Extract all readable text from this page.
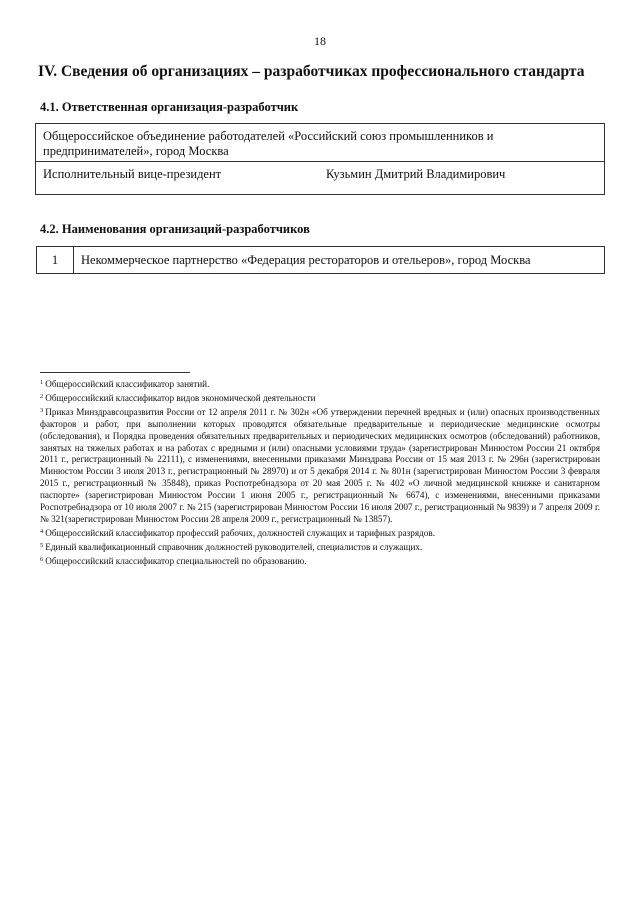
18
IV. Сведения об организациях – разработчиках профессионального стандарта
4.1. Ответственная организация-разработчик
Общероссийское объединение работодателей «Российский союз промышленников и предпринимателей», город Москва
Исполнительный вице-президент	Кузьмин Дмитрий Владимирович
4.2. Наименования организаций-разработчиков
1	Некоммерческое партнерство «Федерация рестораторов и отельеров», город Москва

$^1$ Общероссийский классификатор занятий.

$^2$ Общероссийский классификатор видов экономической деятельности

$^3$ Приказ Минздравсоцразвития России от 12 апреля 2011 г. № 302н «Об утверждении перечней вредных и (или) опасных производственных факторов и работ, при выполнении которых проводятся обязательные предварительные и периодические медицинские осмотры (обследования), и Порядка проведения обязательных предварительных и периодических медицинских осмотров (обследований) работников, занятых на тяжелых работах и на работах с вредными и (или) опасными условиями труда» (зарегистрирован Минюстом России 21 октября 2011 г., регистрационный № 22111), с изменениями, внесенными приказами Минздрава России от 15 мая 2013 г. № 296н (зарегистрирован Минюстом России 3 июля 2013 г., регистрационный № 28970) и от 5 декабря 2014 г. № 801н (зарегистрирован Минюстом России 3 февраля 2015 г., регистрационный № 35848), приказ Роспотребнадзора от 20 мая 2005 г. № 402 «О личной медицинской книжке и санитарном паспорте» (зарегистрирован Минюстом России 1 июня 2005 г., регистрационный № 6674), с изменениями, внесенными приказами Роспотребнадзора от 10 июля 2007 г. № 215 (зарегистрирован Минюстом России 16 июля 2007 г., регистрационный № 9839) и 7 апреля 2009 г. № 321(зарегистрирован Минюстом России 28 апреля 2009 г., регистрационный № 13857).

$^4$ Общероссийский классификатор профессий рабочих, должностей служащих и тарифных разрядов.

$^5$ Единый квалификационный справочник должностей руководителей, специалистов и служащих.

$^6$ Общероссийский классификатор специальностей по образованию.
